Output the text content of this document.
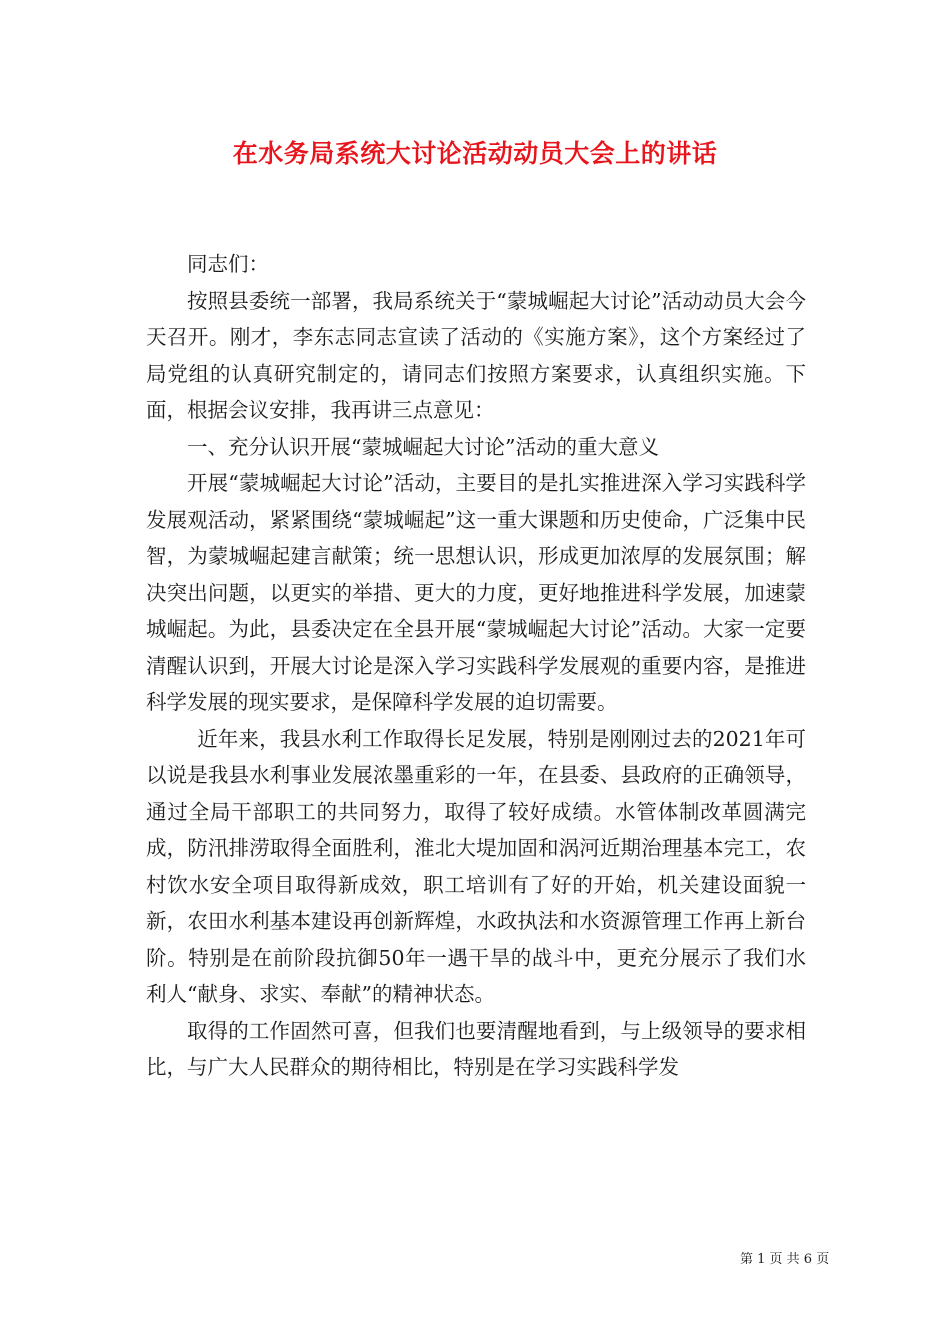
在水务局系统大讨论活动动员大会上的讲话

同志们：

按照县委统一部署，我局系统关于“蒙城崛起大讨论”活动动员大会今天召开。刚才，李东志同志宣读了活动的《实施方案》，这个方案经过了局党组的认真研究制定的，请同志们按照方案要求，认真组织实施。下面，根据会议安排，我再讲三点意见：

一、充分认识开展“蒙城崛起大讨论”活动的重大意义

开展“蒙城崛起大讨论”活动，主要目的是扎实推进深入学习实践科学发展观活动，紧紧围绕“蒙城崛起”这一重大课题和历史使命，广泛集中民智，为蒙城崛起建言献策；统一思想认识，形成更加浓厚的发展氛围；解决突出问题，以更实的举措、更大的力度，更好地推进科学发展，加速蒙城崛起。为此，县委决定在全县开展“蒙城崛起大讨论”活动。大家一定要清醒认识到，开展大讨论是深入学习实践科学发展观的重要内容，是推进科学发展的现实要求，是保障科学发展的迫切需要。

近年来，我县水利工作取得长足发展，特别是刚刚过去的2021年可以说是我县水利事业发展浓墨重彩的一年，在县委、县政府的正确领导，通过全局干部职工的共同努力，取得了较好成绩。水管体制改革圆满完成，防汛排涝取得全面胜利，淮北大堤加固和涡河近期治理基本完工，农村饮水安全项目取得新成效，职工培训有了好的开始，机关建设面貌一新，农田水利基本建设再创新辉煌，水政执法和水资源管理工作再上新台阶。特别是在前阶段抗御50年一遇干旱的战斗中，更充分展示了我们水利人“献身、求实、奉献”的精神状态。

取得的工作固然可喜，但我们也要清醒地看到，与上级领导的要求相比，与广大人民群众的期待相比，特别是在学习实践科学发

第 1 页 共 6 页
